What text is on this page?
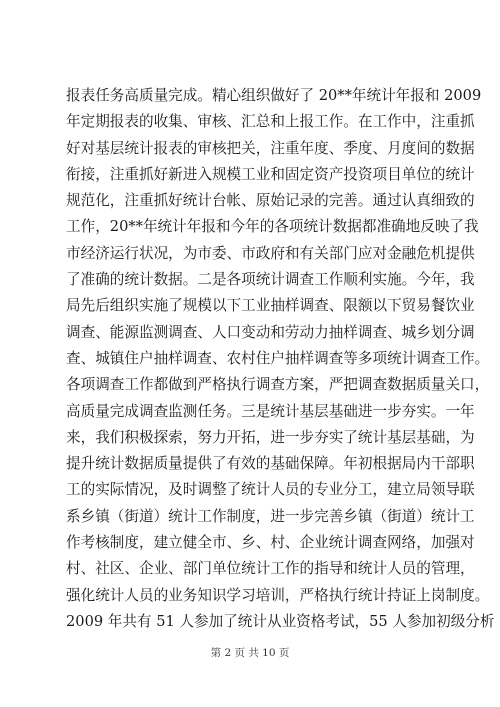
报表任务高质量完成。精心组织做好了 20**年统计年报和 2009
年定期报表的收集、审核、汇总和上报工作。在工作中，注重抓
好对基层统计报表的审核把关，注重年度、季度、月度间的数据
衔接，注重抓好新进入规模工业和固定资产投资项目单位的统计
规范化，注重抓好统计台帐、原始记录的完善。通过认真细致的
工作，20**年统计年报和今年的各项统计数据都准确地反映了我
市经济运行状况，为市委、市政府和有关部门应对金融危机提供
了准确的统计数据。二是各项统计调查工作顺利实施。今年，我
局先后组织实施了规模以下工业抽样调查、限额以下贸易餐饮业
调查、能源监测调查、人口变动和劳动力抽样调查、城乡划分调
查、城镇住户抽样调查、农村住户抽样调查等多项统计调查工作。
各项调查工作都做到严格执行调查方案，严把调查数据质量关口，
高质量完成调查监测任务。三是统计基层基础进一步夯实。一年
来，我们积极探索，努力开拓，进一步夯实了统计基层基础，为
提升统计数据质量提供了有效的基础保障。年初根据局内干部职
工的实际情况，及时调整了统计人员的专业分工，建立局领导联
系乡镇（街道）统计工作制度，进一步完善乡镇（街道）统计工
作考核制度，建立健全市、乡、村、企业统计调查网络，加强对
村、社区、企业、部门单位统计工作的指导和统计人员的管理，
强化统计人员的业务知识学习培训，严格执行统计持证上岗制度。
2009 年共有 51 人参加了统计从业资格考试，55 人参加初级分析
第 2 页 共 10 页
